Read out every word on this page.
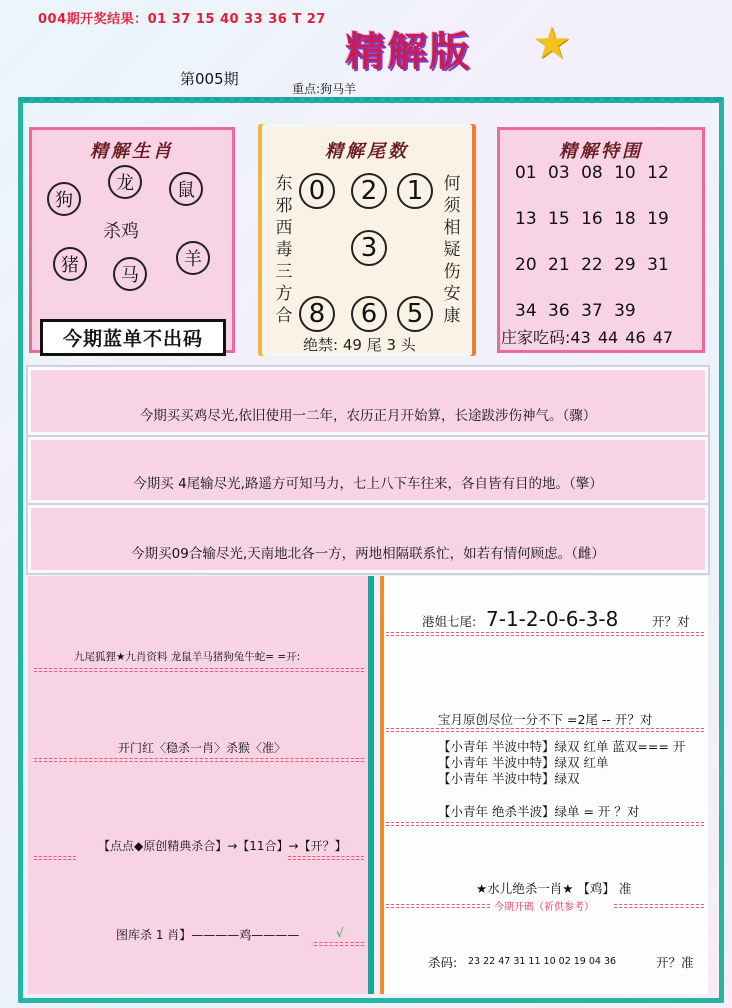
004期开奖结果：01 37 15 40 33 36 T 27
精解版 ★
第005期
重点:狗马羊
精解生肖
狗
龙	鼠
杀鸡
猪	马
羊
今期蓝单不出码
精解尾数
东
邪
西
毒
三
方
合
何
须
相
疑
伤
安
康
0	2	1
3
8	6	5
绝禁: 49 尾 3 头
精解特围
01 03 08 10 12
13 15 16 18 19
20 21 22 29 31
34 36 37 39
庄家吃码:43 44 46 47
今期买买鸡尽光,依旧使用一二年，农历正月开始算，长途跋涉伤神气。（骤）
今期买 4尾输尽光,路遥方可知马力，七上八下车往来，各自皆有目的地。（擎）
今期买09合输尽光,天南地北各一方，两地相隔联系忙，如若有情何顾虑。（雌）
九尾狐狸★九肖资料 龙鼠羊马猪狗兔牛蛇= =开:
开门红〈稳杀一肖〉杀猴〈准〉
【点点◆原创精典杀合】→【11合】→【开？】
图库杀 1 肖】————鸡————	√
港姐七尾: 7-1-2-0-6-3-8	开？对
宝月原创尽位一分不下 =2尾 -- 开？对
【小青年 半波中特】绿双 红单 蓝双=== 开
【小青年 半波中特】绿双 红单
【小青年 半波中特】绿双
【小青年 绝杀半波】绿单 = 开 ？对
★水儿绝杀一肖★ 【鸡】 准
今期开碼（祈供参考）
杀码: 23 22 47 31 11 10 02 19 04 36	开？准
